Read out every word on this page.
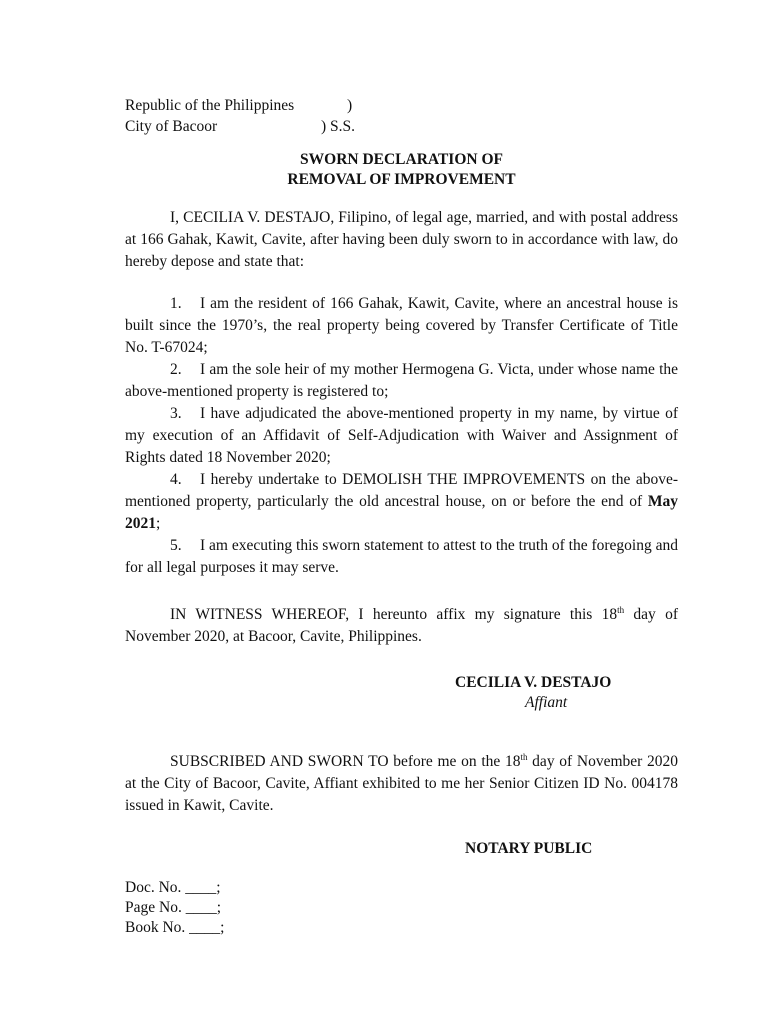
Republic of the Philippines	)
City of Bacoor	) S.S.
SWORN DECLARATION OF
REMOVAL OF IMPROVEMENT

I, CECILIA V. DESTAJO, Filipino, of legal age, married, and with postal address at 166 Gahak, Kawit, Cavite, after having been duly sworn to in accordance with law, do hereby depose and state that:

1. I am the resident of 166 Gahak, Kawit, Cavite, where an ancestral house is built since the 1970’s, the real property being covered by Transfer Certificate of Title No. T-67024;

2. I am the sole heir of my mother Hermogena G. Victa, under whose name the above-mentioned property is registered to;

3. I have adjudicated the above-mentioned property in my name, by virtue of my execution of an Affidavit of Self-Adjudication with Waiver and Assignment of Rights dated 18 November 2020;

4. I hereby undertake to DEMOLISH THE IMPROVEMENTS on the above-mentioned property, particularly the old ancestral house, on or before the end of May 2021;

5. I am executing this sworn statement to attest to the truth of the foregoing and for all legal purposes it may serve.

IN WITNESS WHEREOF, I hereunto affix my signature this 18th day of November 2020, at Bacoor, Cavite, Philippines.

CECILIA V. DESTAJO
Affiant

SUBSCRIBED AND SWORN TO before me on the 18th day of November 2020 at the City of Bacoor, Cavite, Affiant exhibited to me her Senior Citizen ID No. 004178 issued in Kawit, Cavite.

NOTARY PUBLIC
Doc. No. ____;
Page No. ____;
Book No. ____;
